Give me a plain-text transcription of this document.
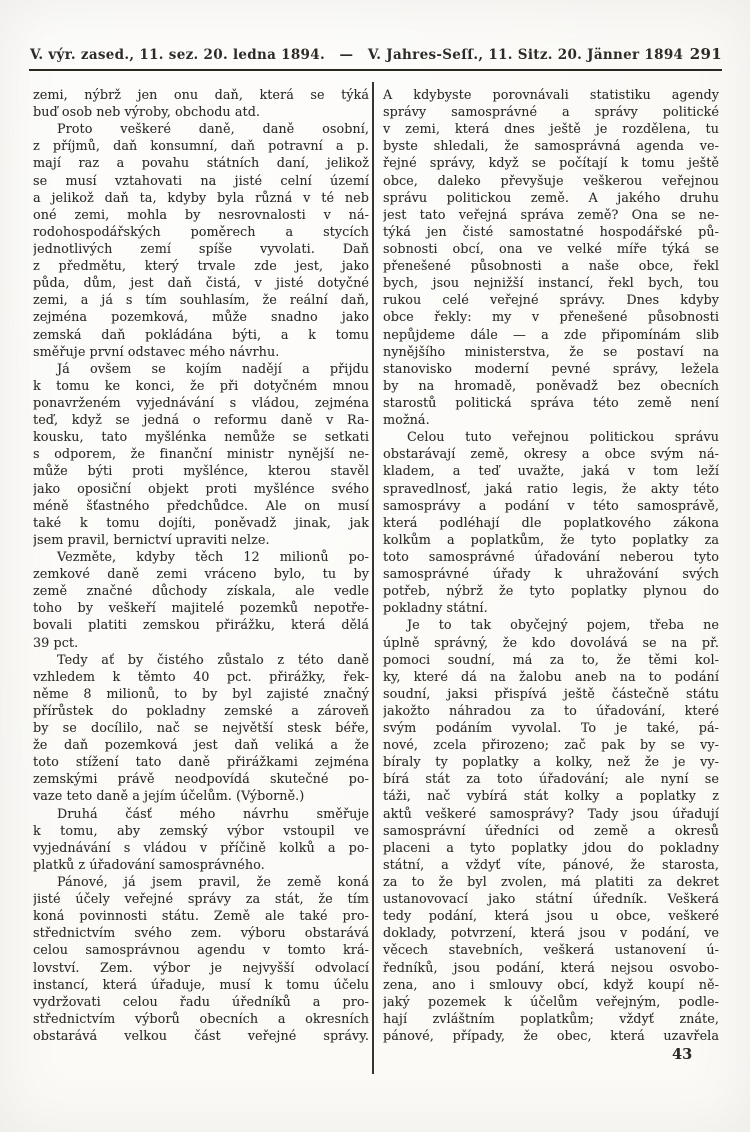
V. výr. zased., 11. sez. 20. ledna 1894.	—	V. Jahres-Seſſ., 11. Sitz. 20. Jänner 1894 291
zemi, nýbrž jen onu daň, která se týká
buď osob neb výroby, obchodu atd.
Proto veškeré daně, daně osobní,
z příjmů, daň konsumní, daň potravní a p.
mají raz a povahu státních daní, jelikož
se musí vztahovati na jisté celní území
a jelikož daň ta, kdyby byla různá v té neb
oné zemi, mohla by nesrovnalosti v ná-
rodohospodářských poměrech a stycích
jednotlivých zemí spíše vyvolati. Daň
z předmětu, který trvale zde jest, jako
půda, dům, jest daň čistá, v jisté dotyčné
zemi, a já s tím souhlasím, že reální daň,
zejména pozemková, může snadno jako
zemská daň pokládána býti, a k tomu
směřuje první odstavec mého návrhu.
Já ovšem se kojím nadějí a přijdu
k tomu ke konci, že při dotyčném mnou
ponavrženém vyjednávání s vládou, zejména
teď, když se jedná o reformu daně v Ra-
kousku, tato myšlénka nemůže se setkati
s odporem, že finanční ministr nynější ne-
může býti proti myšlénce, kterou stavěl
jako oposiční objekt proti myšlénce svého
méně šťastného předchůdce. Ale on musí
také k tomu dojíti, poněvadž jinak, jak
jsem pravil, bernictví upraviti nelze.
Vezměte, kdyby těch 12 milionů po-
zemkové daně zemi vráceno bylo, tu by
země značné důchody získala, ale vedle
toho by veškeří majitelé pozemků nepotře-
bovali platiti zemskou přirážku, která dělá
39 pct.
Tedy ať by čistého zůstalo z této daně
vzhledem k těmto 40 pct. přirážky, řek-
něme 8 milionů, to by byl zajisté značný
přírůstek do pokladny zemské a zároveň
by se docílilo, nač se největší stesk béře,
že daň pozemková jest daň veliká a že
toto stížení tato daně přirážkami zejména
zemskými právě neodpovídá skutečné po-
vaze teto daně a jejím účelům. (Výborně.)
Druhá čásť mého návrhu směřuje
k tomu, aby zemský výbor vstoupil ve
vyjednávání s vládou v příčině kolků a po-
platků z úřadování samosprávného.
Pánové, já jsem pravil, že země koná
jisté účely veřejné správy za stát, že tím
koná povinnosti státu. Země ale také pro-
střednictvím svého zem. výboru obstarává
celou samosprávnou agendu v tomto krá-
lovství. Zem. výbor je nejvyšší odvolací
instancí, která úřaduje, musí k tomu účelu
vydržovati celou řadu úředníků a pro-
střednictvím výborů obecních a okresních
obstarává velkou část veřejné správy.
A kdybyste porovnávali statistiku agendy
správy samosprávné a správy politické
v zemi, která dnes ještě je rozdělena, tu
byste shledali, že samosprávná agenda ve-
řejné správy, když se počítají k tomu ještě
obce, daleko převyšuje veškerou veřejnou
správu politickou země. A jakého druhu
jest tato veřejná správa země? Ona se ne-
týká jen čisté samostatné hospodářské pů-
sobnosti obcí, ona ve velké míře týká se
přenešené působnosti a naše obce, řekl
bych, jsou nejnižší instancí, řekl bych, tou
rukou celé veřejné správy. Dnes kdyby
obce řekly: my v přenešené působnosti
nepůjdeme dále — a zde připomínám slib
nynějšího ministerstva, že se postaví na
stanovisko moderní pevné správy, ležela
by na hromadě, poněvadž bez obecních
starostů politická správa této země není
možná.
Celou tuto veřejnou politickou správu
obstarávají země, okresy a obce svým ná-
kladem, a teď uvažte, jaká v tom leží
spravedlnosť, jaká ratio legis, že akty této
samosprávy a podání v této samosprávě,
která podléhají dle poplatkového zákona
kolkům a poplatkům, že tyto poplatky za
toto samosprávné úřadování neberou tyto
samosprávné úřady k uhražování svých
potřeb, nýbrž že tyto poplatky plynou do
pokladny státní.
Je to tak obyčejný pojem, třeba ne
úplně správný, že kdo dovolává se na př.
pomoci soudní, má za to, že těmi kol-
ky, které dá na žalobu aneb na to podání
soudní, jaksi přispívá ještě částečně státu
jakožto náhradou za to úřadování, které
svým podáním vyvolal. To je také, pá-
nové, zcela přirozeno; zač pak by se vy-
bíraly ty poplatky a kolky, než že je vy-
bírá stát za toto úřadování; ale nyní se
táži, nač vybírá stát kolky a poplatky z
aktů veškeré samosprávy? Tady jsou úřadují
samosprávní úředníci od země a okresů
placeni a tyto poplatky jdou do pokladny
státní, a vždyť víte, pánové, že starosta,
za to že byl zvolen, má platiti za dekret
ustanovovací jako státní úředník. Veškerá
tedy podání, která jsou u obce, veškeré
doklady, potvrzení, která jsou v podání, ve
věcech stavebních, veškerá ustanovení ú-
ředníků, jsou podání, která nejsou osvobo-
zena, ano i smlouvy obcí, když koupí ně-
jaký pozemek k účelům veřejným, podle-
hají zvláštním poplatkům; vždyť znáte,
pánové, případy, že obec, která uzavřela
43
